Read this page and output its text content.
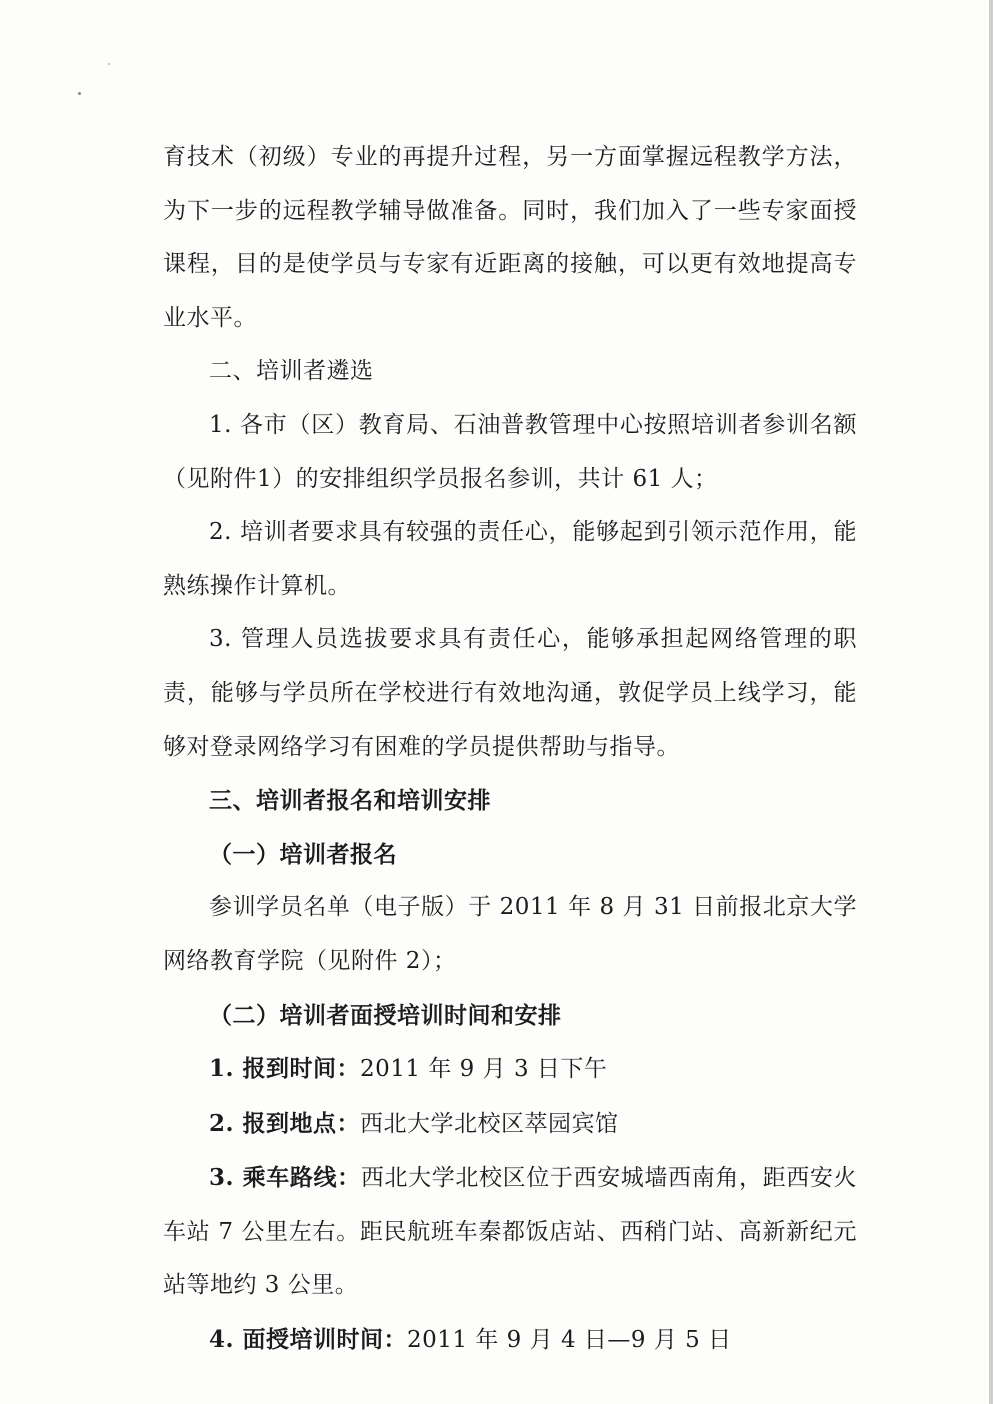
育技术（初级）专业的再提升过程，另一方面掌握远程教学方法，为下一步的远程教学辅导做准备。同时，我们加入了一些专家面授课程，目的是使学员与专家有近距离的接触，可以更有效地提高专业水平。

二、培训者遴选

1. 各市（区）教育局、石油普教管理中心按照培训者参训名额（见附件1）的安排组织学员报名参训，共计 61 人；

2. 培训者要求具有较强的责任心，能够起到引领示范作用，能熟练操作计算机。

3. 管理人员选拔要求具有责任心，能够承担起网络管理的职责，能够与学员所在学校进行有效地沟通，敦促学员上线学习，能够对登录网络学习有困难的学员提供帮助与指导。

三、培训者报名和培训安排

（一）培训者报名

参训学员名单（电子版）于 2011 年 8 月 31 日前报北京大学网络教育学院（见附件 2）；

（二）培训者面授培训时间和安排

1. 报到时间：2011 年 9 月 3 日下午

2. 报到地点：西北大学北校区萃园宾馆

3. 乘车路线：西北大学北校区位于西安城墙西南角，距西安火车站 7 公里左右。距民航班车秦都饭店站、西稍门站、高新新纪元站等地约 3 公里。

4. 面授培训时间：2011 年 9 月 4 日—9 月 5 日
